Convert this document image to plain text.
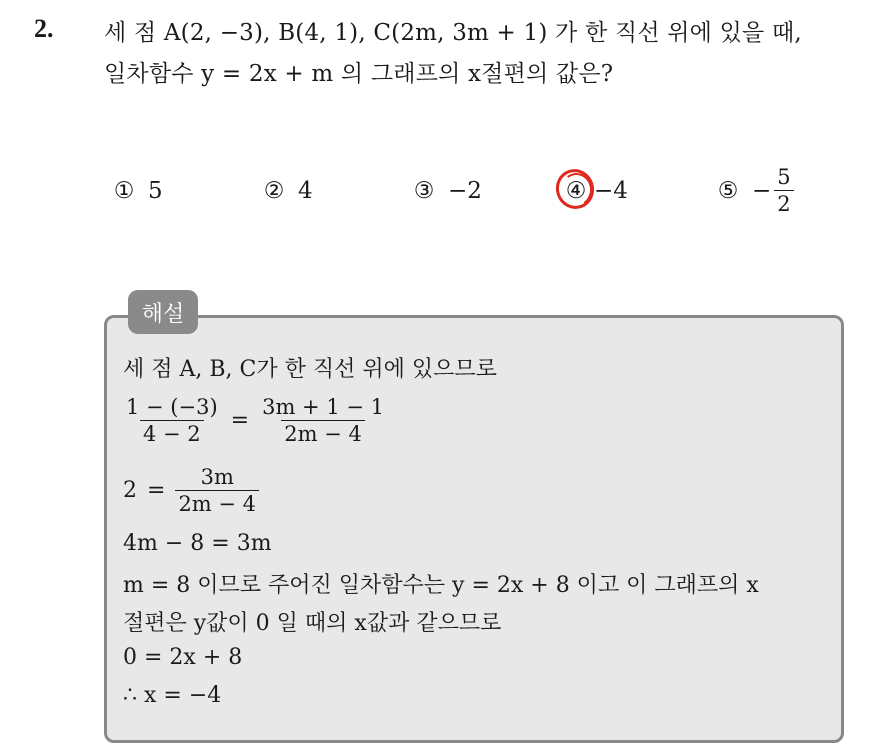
2. 세 점 A(2, −3), B(4, 1), C(2m, 3m + 1) 가 한 직선 위에 있을 때,
일차함수 y = 2x + m 의 그래프의 x절편의 값은?
① 5	② 4	③ −2	④ −4	⑤ − $\frac{5}{2}$
해설
세 점 A, B, C가 한 직선 위에 있으므로
$\frac{1 - (-3)}{4 - 2} = \frac{3m + 1 - 1}{2m - 4}$
$2 = \frac{3m}{2m - 4}$
4m − 8 = 3m
m = 8 이므로 주어진 일차함수는 y = 2x + 8 이고 이 그래프의 x
절편은 y값이 0 일 때의 x값과 같으므로
0 = 2x + 8
∴ x = −4
